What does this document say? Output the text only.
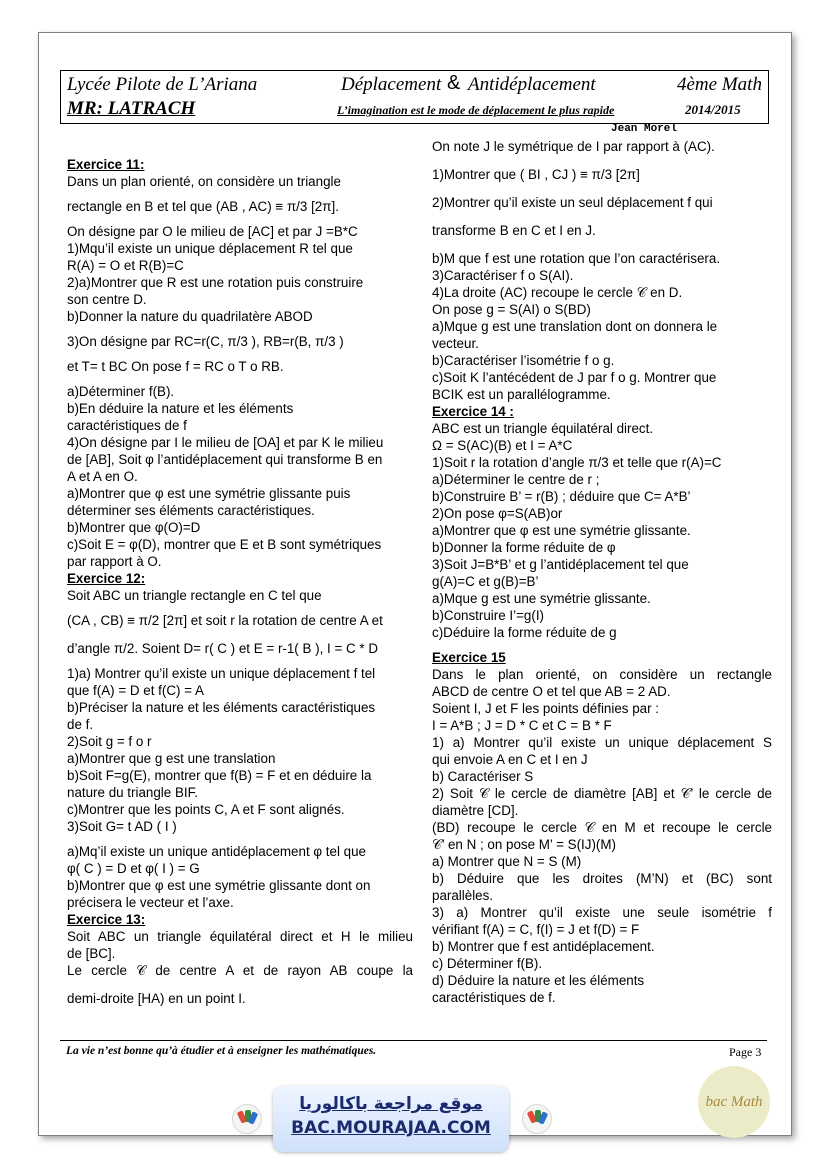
Lycée Pilote de L’Ariana	Déplacement & Antidéplacement	4ème Math
MR: LATRACH	L’imagination est le mode de déplacement le plus rapide	2014/2015
Jean Morel

Exercice 11:

Dans un plan orienté, on considère un triangle

rectangle en B et tel que (AB , AC) ≡ π/3 [2π].

On désigne par O le milieu de [AC] et par J =B*C

1)Mqu’il existe un unique déplacement R tel que

R(A) = O et R(B)=C

2)a)Montrer que R est une rotation puis construire

son centre D.

b)Donner la nature du quadrilatère ABOD

3)On désigne par RC=r(C, π/3 ), RB=r(B, π/3 )

et T= t BC On pose f = RC o T o RB.

a)Déterminer f(B).

b)En déduire la nature et les éléments

caractéristiques de f

4)On désigne par I le milieu de [OA] et par K le milieu

de [AB], Soit φ l’antidéplacement qui transforme B en

A et A en O.

a)Montrer que φ est une symétrie glissante puis

déterminer ses éléments caractéristiques.

b)Montrer que φ(O)=D

c)Soit E = φ(D), montrer que E et B sont symétriques

par rapport à O.

Exercice 12:

Soit ABC un triangle rectangle en C tel que

(CA , CB) ≡ π/2 [2π] et soit r la rotation de centre A et

d’angle π/2. Soient D= r( C ) et E = r-1( B ), I = C * D

1)a) Montrer qu’il existe un unique déplacement f tel

que f(A) = D et f(C) = A

b)Préciser la nature et les éléments caractéristiques

de f.

2)Soit g = f o r

a)Montrer que g est une translation

b)Soit F=g(E), montrer que f(B) = F et en déduire la

nature du triangle BIF.

c)Montrer que les points C, A et F sont alignés.

3)Soit G= t AD ( I )

a)Mq’il existe un unique antidéplacement φ tel que

φ( C ) = D et φ( I ) = G

b)Montrer que φ est une symétrie glissante dont on

précisera le vecteur et l’axe.

Exercice 13:

Soit ABC un triangle équilatéral direct et H le milieu

de [BC].

Le cercle 𝒞 de centre A et de rayon AB coupe la

demi-droite [HA) en un point I.

On note J le symétrique de I par rapport à (AC).

1)Montrer que ( BI , CJ ) ≡ π/3 [2π]

2)Montrer qu’il existe un seul déplacement f qui

transforme B en C et I en J.

b)M que f est une rotation que l’on caractérisera.

3)Caractériser f o S(AI).

4)La droite (AC) recoupe le cercle 𝒞 en D.

On pose g = S(AI) o S(BD)

a)Mque g est une translation dont on donnera le

vecteur.

b)Caractériser l’isométrie f o g.

c)Soit K l’antécédent de J par f o g. Montrer que

BCIK est un parallélogramme.

Exercice 14 :

ABC est un triangle équilatéral direct.

Ω = S(AC)(B) et I = A*C

1)Soit r la rotation d’angle π/3 et telle que r(A)=C

a)Déterminer le centre de r ;

b)Construire B’ = r(B) ; déduire que C= A*B’

2)On pose φ=S(AB)or

a)Montrer que φ est une symétrie glissante.

b)Donner la forme réduite de φ

3)Soit J=B*B’ et g l’antidéplacement tel que

g(A)=C et g(B)=B’

a)Mque g est une symétrie glissante.

b)Construire I’=g(I)

c)Déduire la forme réduite de g

Exercice 15

Dans le plan orienté, on considère un rectangle

ABCD de centre O et tel que AB = 2 AD.

Soient I, J et F les points définies par :

I = A*B ; J = D * C et C = B * F

1) a) Montrer qu’il existe un unique déplacement S

qui envoie A en C et I en J

b) Caractériser S

2) Soit 𝒞 le cercle de diamètre [AB] et 𝒞’ le cercle de

diamètre [CD].

(BD) recoupe le cercle 𝒞 en M et recoupe le cercle

𝒞’ en N ; on pose M’ = S(IJ)(M)

a) Montrer que N = S (M)

b) Déduire que les droites (M’N) et (BC) sont

parallèles.

3) a) Montrer qu’il existe une seule isométrie f

vérifiant f(A) = C, f(I) = J et f(D) = F

b) Montrer que f est antidéplacement.

c) Déterminer f(B).

d) Déduire la nature et les éléments

caractéristiques de f.

La vie n’est bonne qu’à étudier et à enseigner les mathématiques.	Page 3
موقع مراجعة باكالوريا
BAC.MOURAJAA.COM
bac Math
